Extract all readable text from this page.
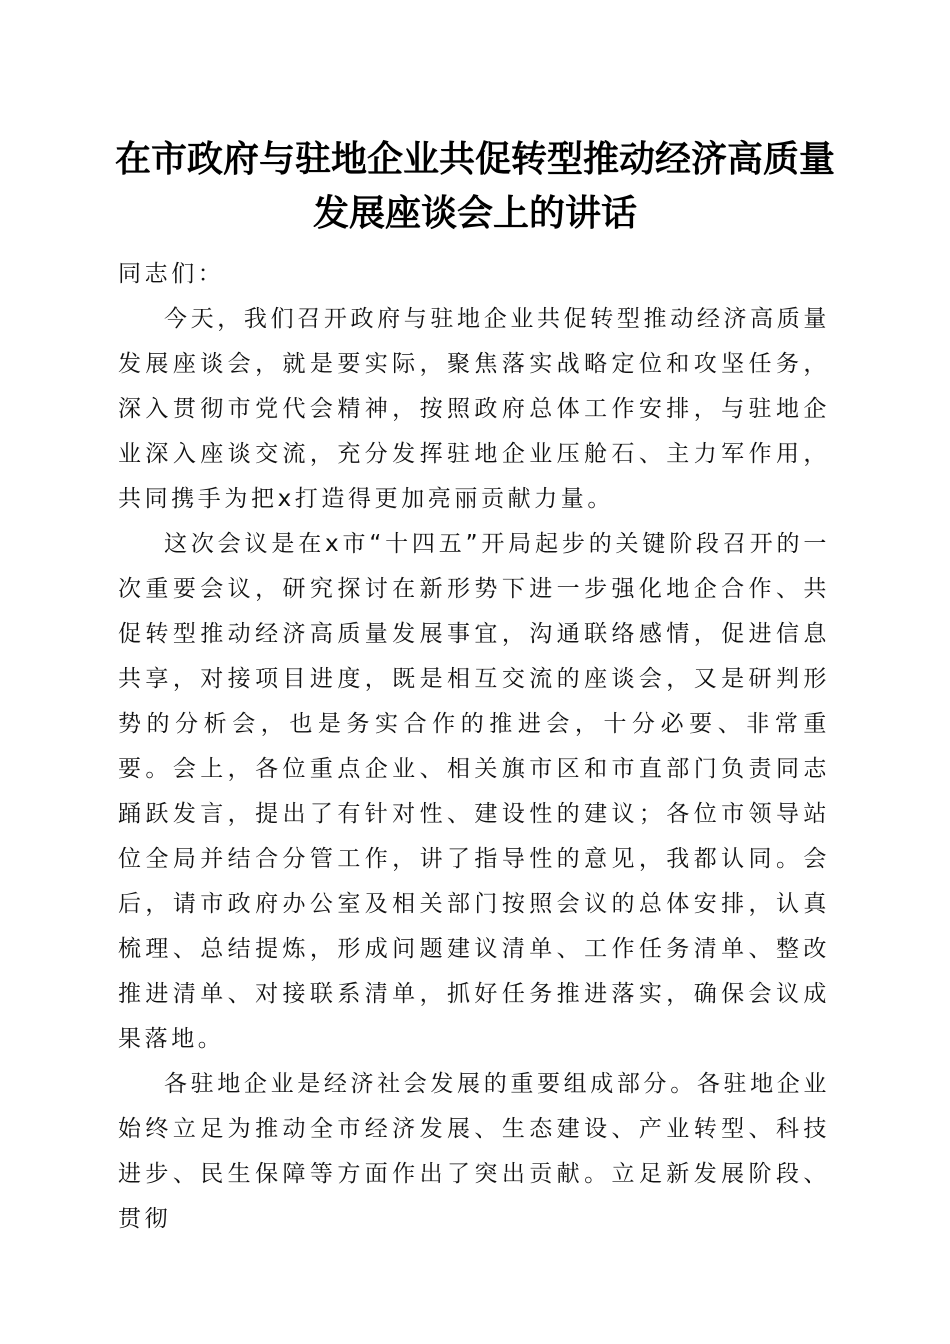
在市政府与驻地企业共促转型推动经济高质量
发展座谈会上的讲话

同志们：

今天，我们召开政府与驻地企业共促转型推动经济高质量发展座谈会，就是要实际，聚焦落实战略定位和攻坚任务，深入贯彻市党代会精神，按照政府总体工作安排，与驻地企业深入座谈交流，充分发挥驻地企业压舱石、主力军作用，共同携手为把x打造得更加亮丽贡献力量。

这次会议是在x市“十四五”开局起步的关键阶段召开的一次重要会议，研究探讨在新形势下进一步强化地企合作、共促转型推动经济高质量发展事宜，沟通联络感情，促进信息共享，对接项目进度，既是相互交流的座谈会，又是研判形势的分析会，也是务实合作的推进会，十分必要、非常重要。会上，各位重点企业、相关旗市区和市直部门负责同志踊跃发言，提出了有针对性、建设性的建议；各位市领导站位全局并结合分管工作，讲了指导性的意见，我都认同。会后，请市政府办公室及相关部门按照会议的总体安排，认真梳理、总结提炼，形成问题建议清单、工作任务清单、整改推进清单、对接联系清单，抓好任务推进落实，确保会议成果落地。

各驻地企业是经济社会发展的重要组成部分。各驻地企业始终立足为推动全市经济发展、生态建设、产业转型、科技进步、民生保障等方面作出了突出贡献。立足新发展阶段、贯彻
